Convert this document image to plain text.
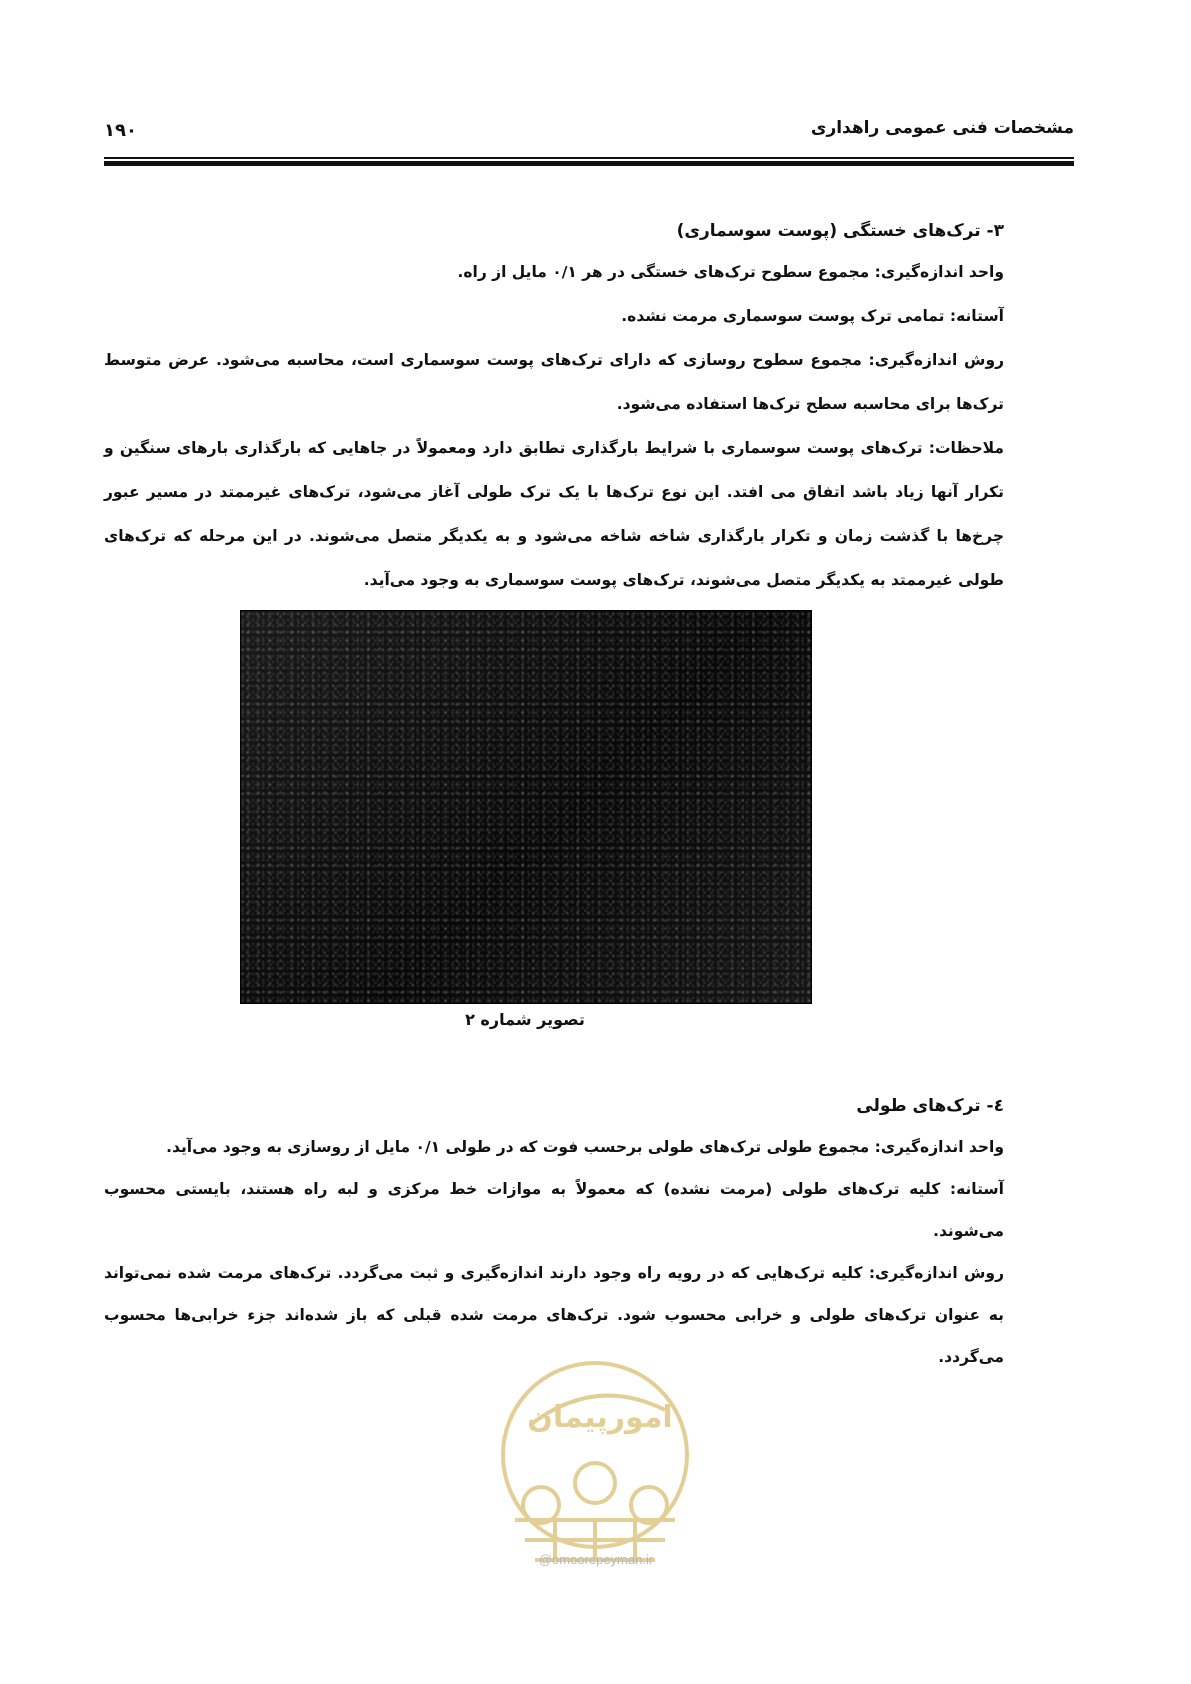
مشخصات فنی عمومی راهداری
۱۹۰
۳- ترک‌های خستگی (پوست سوسماری)

واحد اندازه‌گیری: مجموع سطوح ترک‌های خستگی در هر ۰/۱ مایل از راه.

آستانه: تمامی ترک پوست سوسماری مرمت نشده.

روش اندازه‌گیری: مجموع سطوح روسازی که دارای ترک‌های پوست سوسماری است، محاسبه می‌شود. عرض متوسط ترک‌ها برای محاسبه سطح ترک‌ها استفاده می‌شود.

ملاحظات: ترک‌های پوست سوسماری با شرایط بارگذاری تطابق دارد ومعمولاً در جاهایی که بارگذاری بارهای سنگین و تکرار آنها زیاد باشد اتفاق می افتد. این نوع ترک‌ها با یک ترک طولی آغاز می‌شود، ترک‌های غیرممتد در مسیر عبور چرخ‌ها با گذشت زمان و تکرار بارگذاری شاخه شاخه می‌شود و به یکدیگر متصل می‌شوند. در این مرحله که ترک‌های طولی غیرممتد به یکدیگر متصل می‌شوند، ترک‌های پوست سوسماری به وجود می‌آید.

تصویر شماره ۲
٤- ترک‌های طولی

واحد اندازه‌گیری: مجموع طولی ترک‌های طولی برحسب فوت که در طولی ۰/۱ مایل از روسازی به وجود می‌آید.

آستانه: کلیه ترک‌های طولی (مرمت نشده) که معمولاً به موازات خط مرکزی و لبه راه هستند، بایستی محسوب می‌شوند.

روش اندازه‌گیری: کلیه ترک‌هایی که در رویه راه وجود دارند اندازه‌گیری و ثبت می‌گردد. ترک‌های مرمت شده نمی‌تواند به عنوان ترک‌های طولی و خرابی محسوب شود. ترک‌های مرمت شده قبلی که باز شده‌اند جزء خرابی‌ها محسوب می‌گردد.

امورپیمان
@omoorepeyman.ir
